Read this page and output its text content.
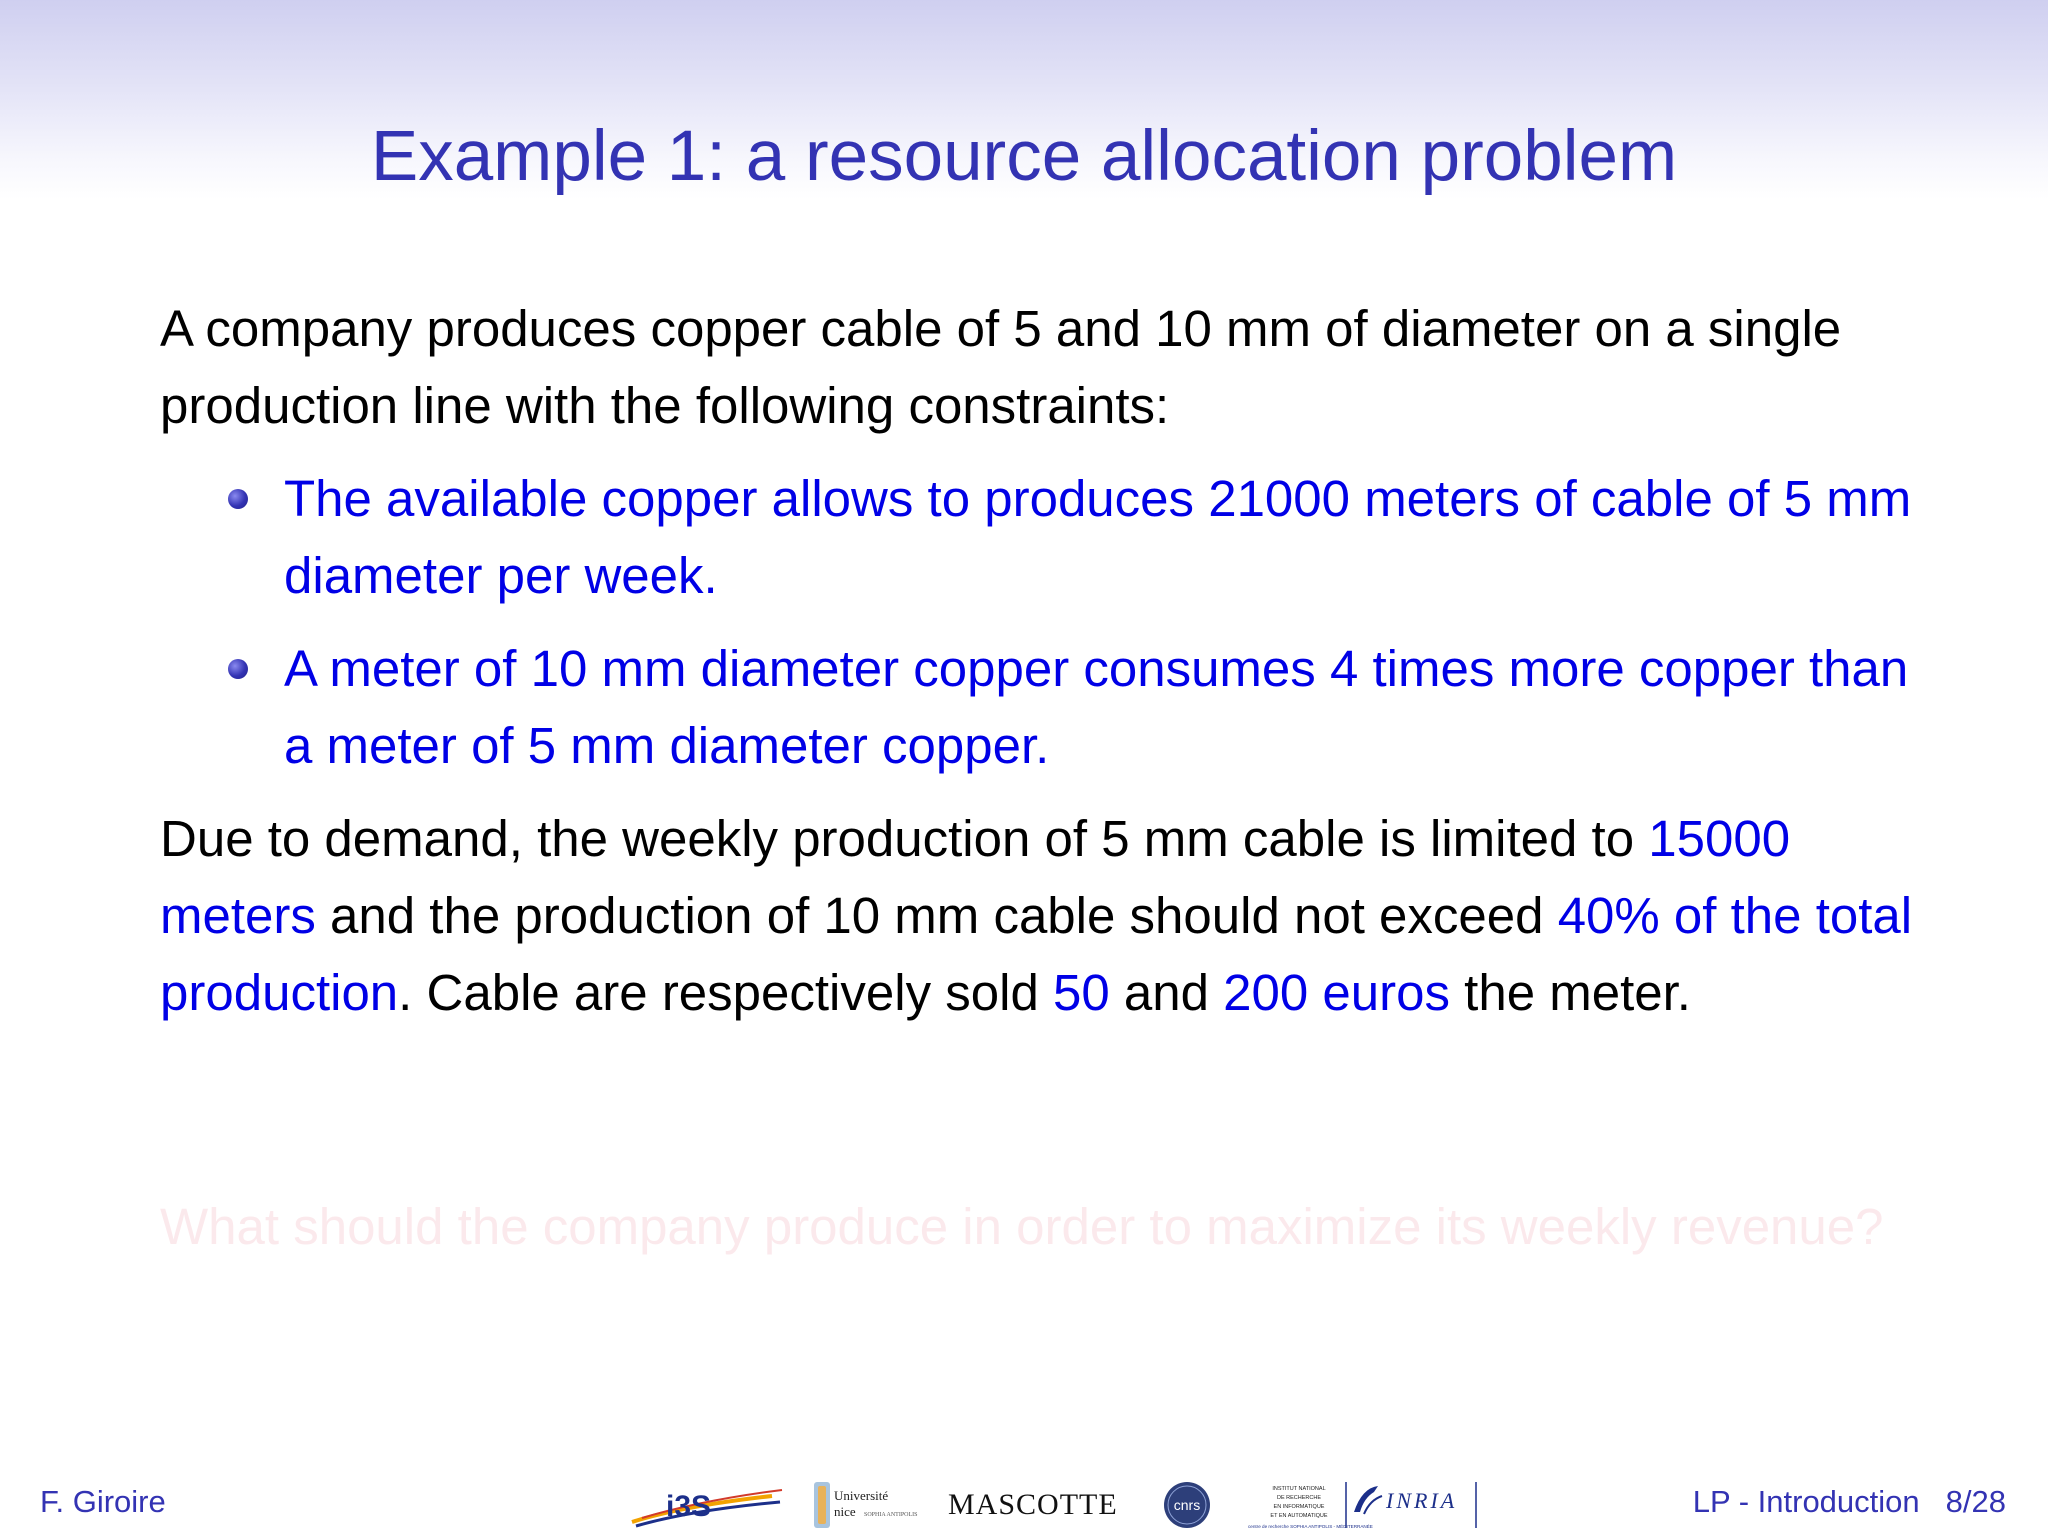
Example 1: a resource allocation problem

A company produces copper cable of 5 and 10 mm of diameter on a single production line with the following constraints:

The available copper allows to produces 21000 meters of cable of 5 mm diameter per week.
A meter of 10 mm diameter copper consumes 4 times more copper than a meter of 5 mm diameter copper.

Due to demand, the weekly production of 5 mm cable is limited to 15000 meters and the production of 10 mm cable should not exceed 40% of the total production. Cable are respectively sold 50 and 200 euros the meter.

What should the company produce in order to maximize its weekly revenue?
F. Giroire	i3S	Université
nice SOPHIA ANTIPOLIS MASCOTTE	cnrs
INSTITUT NATIONAL
DE RECHERCHE
EN INFORMATIQUE
ET EN AUTOMATIQUE
centre de recherche SOPHIA ANTIPOLIS - MÉDITERRANÉE
INRIA	LP - Introduction 8/28
